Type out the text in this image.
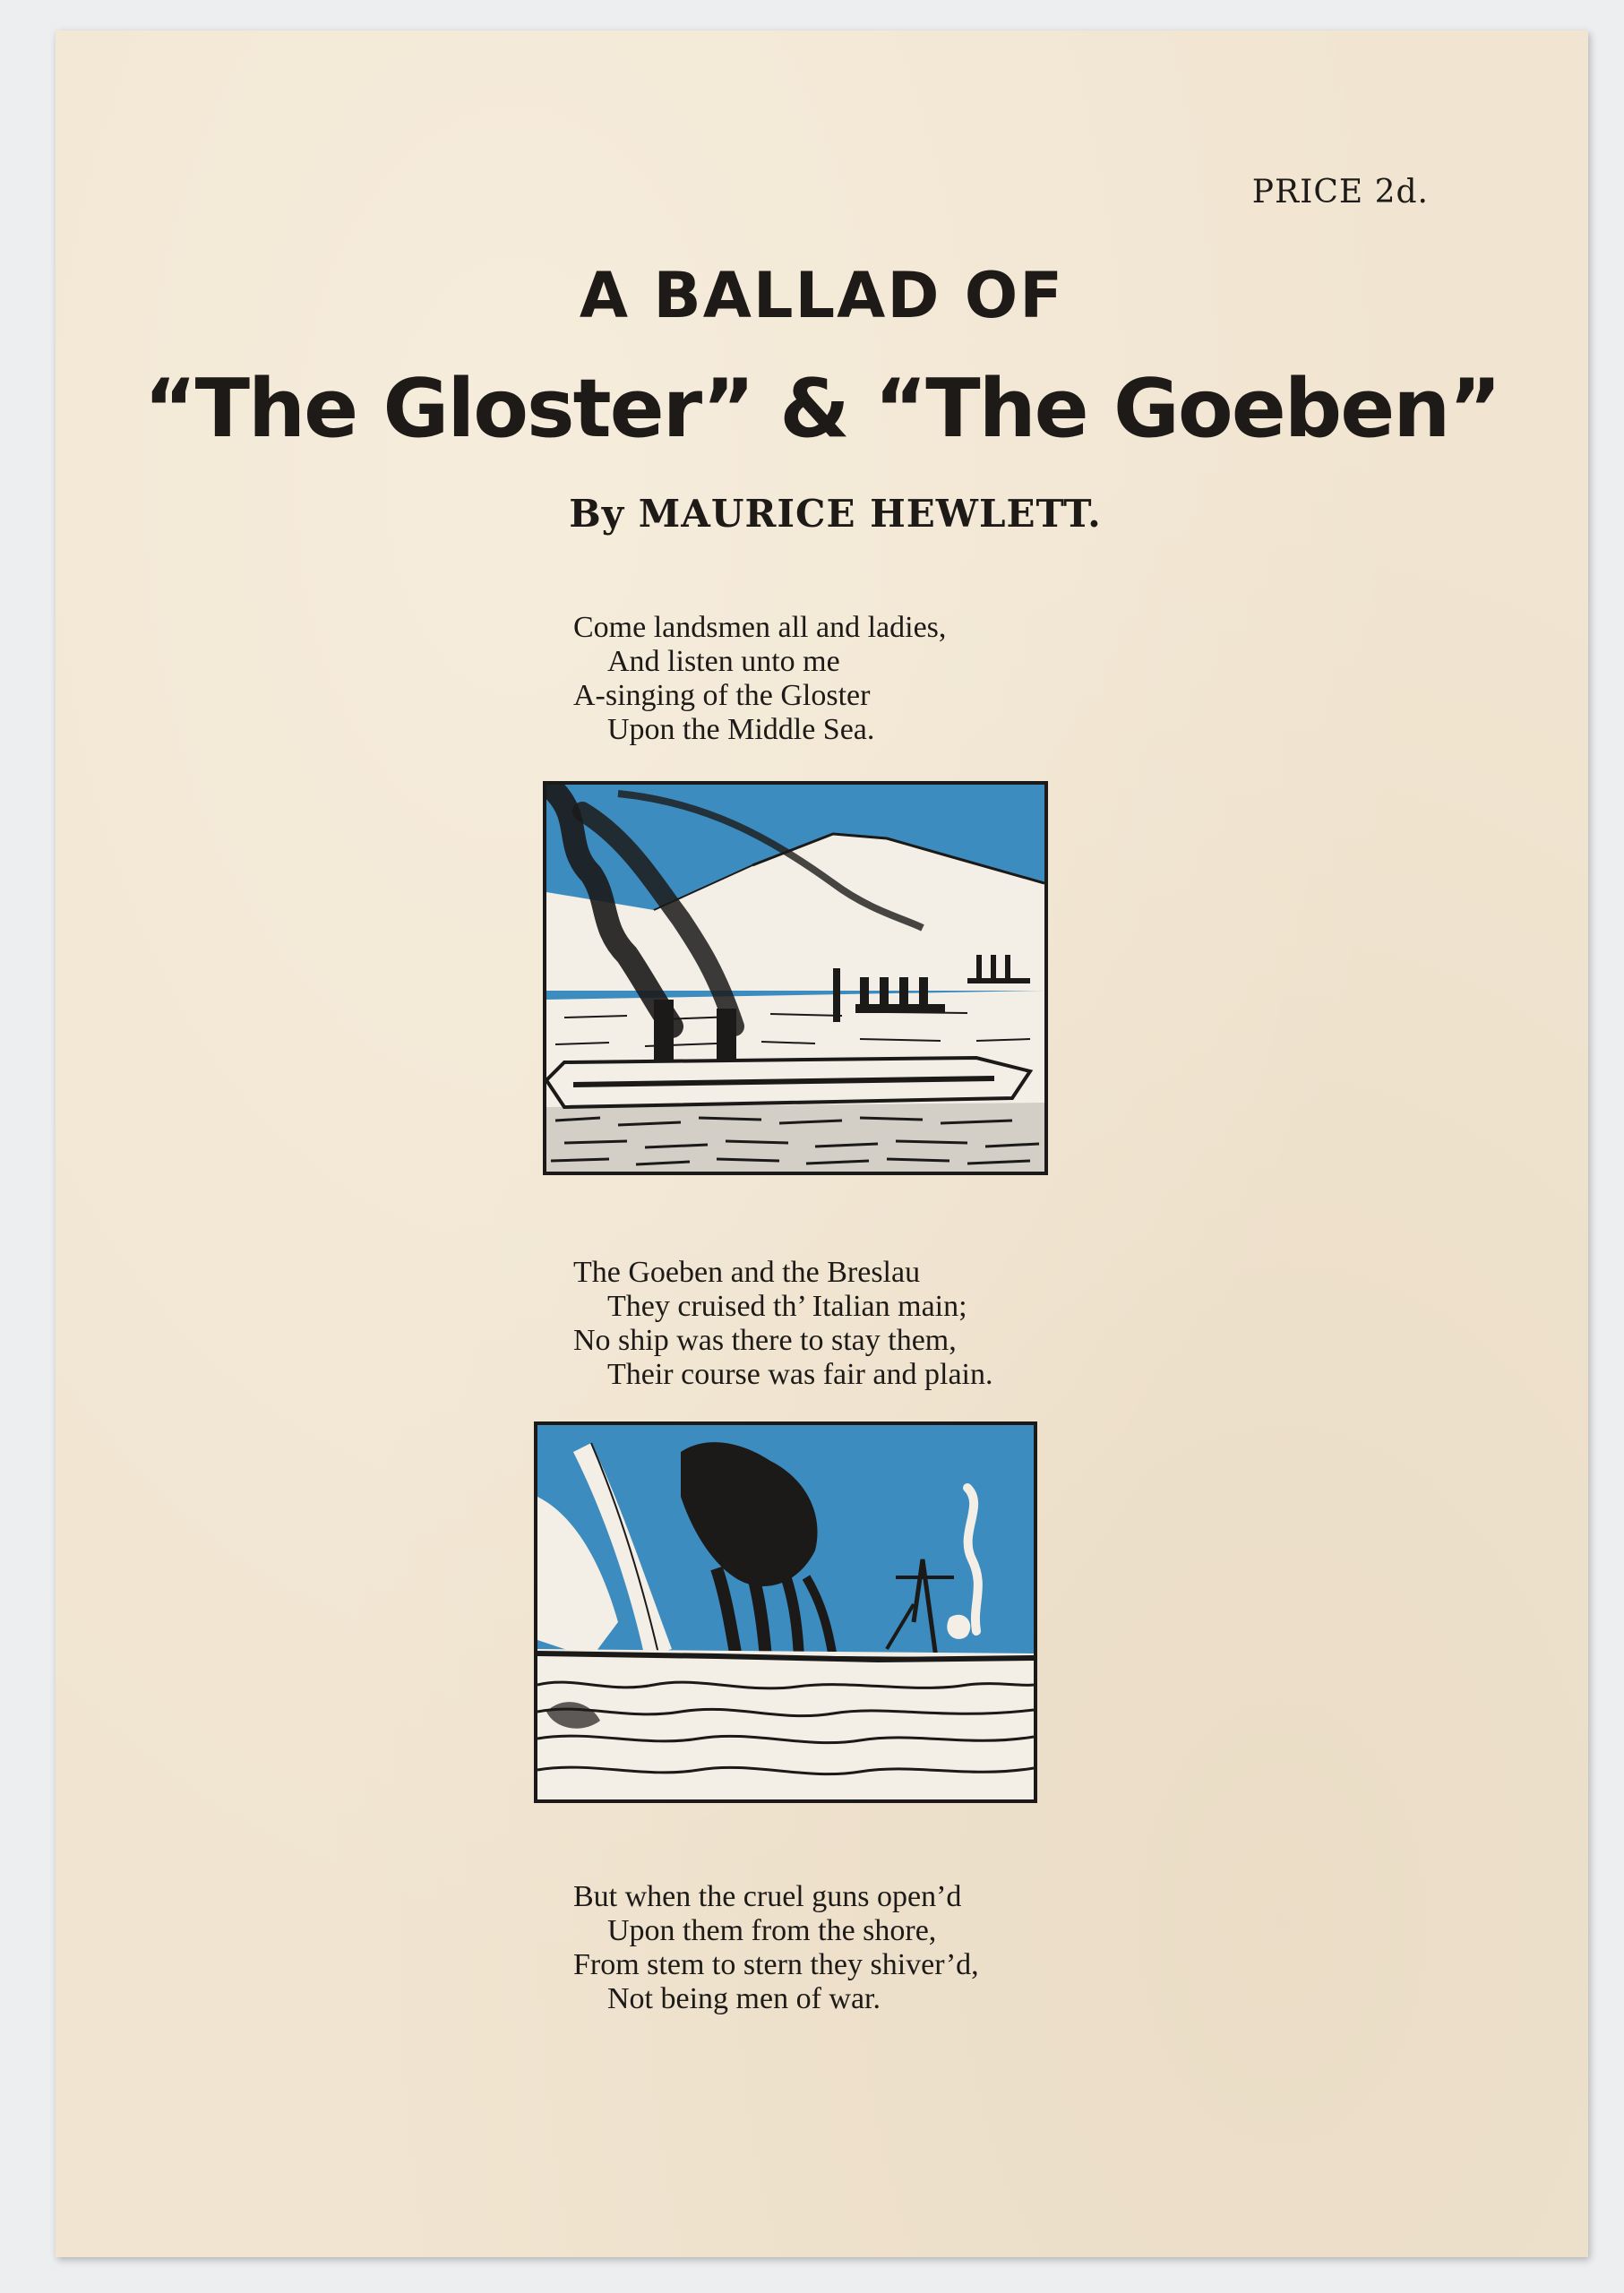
PRICE 2d.
A BALLAD OF
“The Gloster” & “The Goeben”
By MAURICE HEWLETT.
Come landsmen all and ladies,
And listen unto me
A-singing of the Gloster
Upon the Middle Sea.
The Goeben and the Breslau
They cruised th’ Italian main;
No ship was there to stay them,
Their course was fair and plain.
But when the cruel guns open’d
Upon them from the shore,
From stem to stern they shiver’d,
Not being men of war.
